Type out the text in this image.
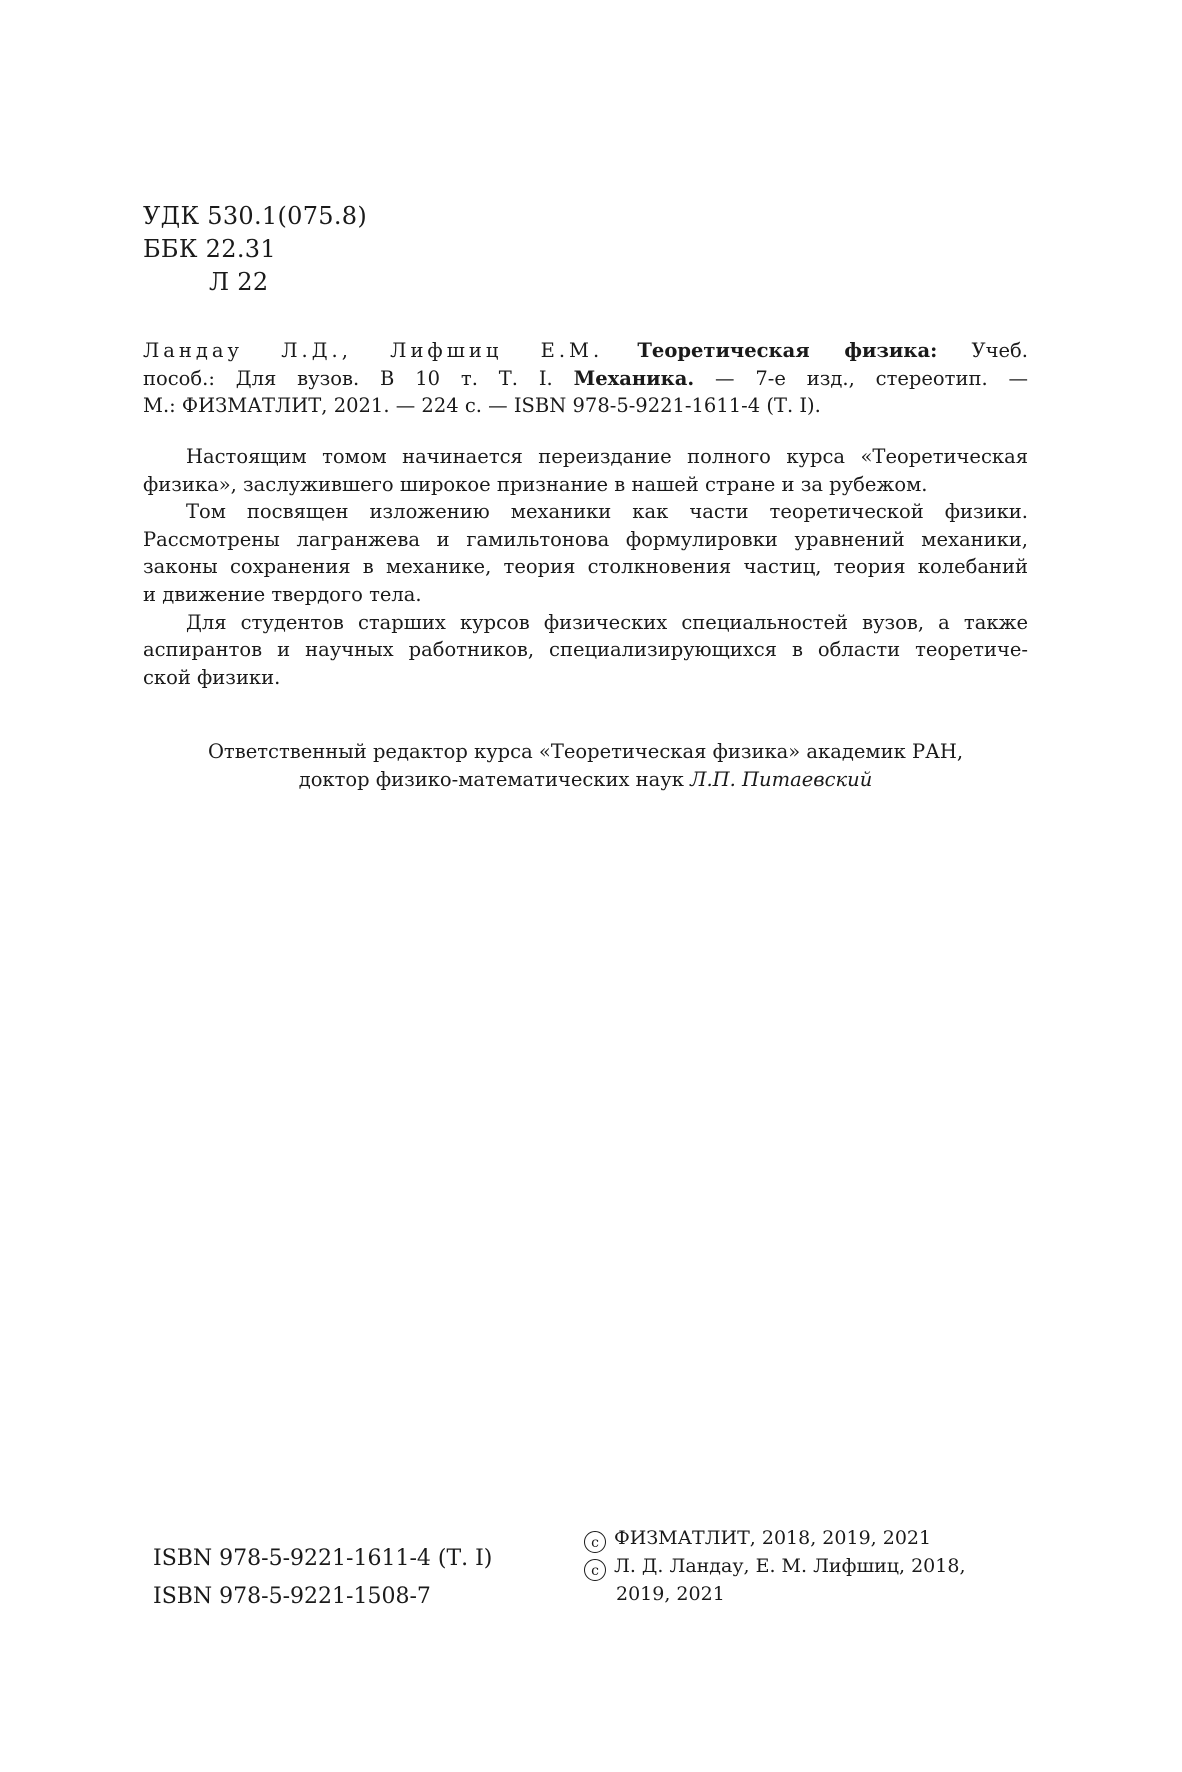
УДК 530.1(075.8)
ББК 22.31
Л 22
Ландау Л.Д., Лифшиц Е.М. Теоретическая физика: Учеб.
пособ.: Для вузов. В 10 т. Т. I. Механика. — 7-е изд., стереотип. —
М.: ФИЗМАТЛИТ, 2021. — 224 с. — ISBN 978-5-9221-1611-4 (Т. I).
Настоящим томом начинается переиздание полного курса «Теоретическая
физика», заслужившего широкое признание в нашей стране и за рубежом.
Том посвящен изложению механики как части теоретической физики.
Рассмотрены лагранжева и гамильтонова формулировки уравнений механики,
законы сохранения в механике, теория столкновения частиц, теория колебаний
и движение твердого тела.
Для студентов старших курсов физических специальностей вузов, а также
аспирантов и научных работников, специализирующихся в области теоретиче-
ской физики.
Ответственный редактор курса «Теоретическая физика» академик РАН,
доктор физико-математических наук Л.П. Питаевский
ISBN 978-5-9221-1611-4 (Т. I)
ISBN 978-5-9221-1508-7
c ФИЗМАТЛИТ, 2018, 2019, 2021
c Л. Д. Ландау, Е. М. Лифшиц, 2018,
2019, 2021
